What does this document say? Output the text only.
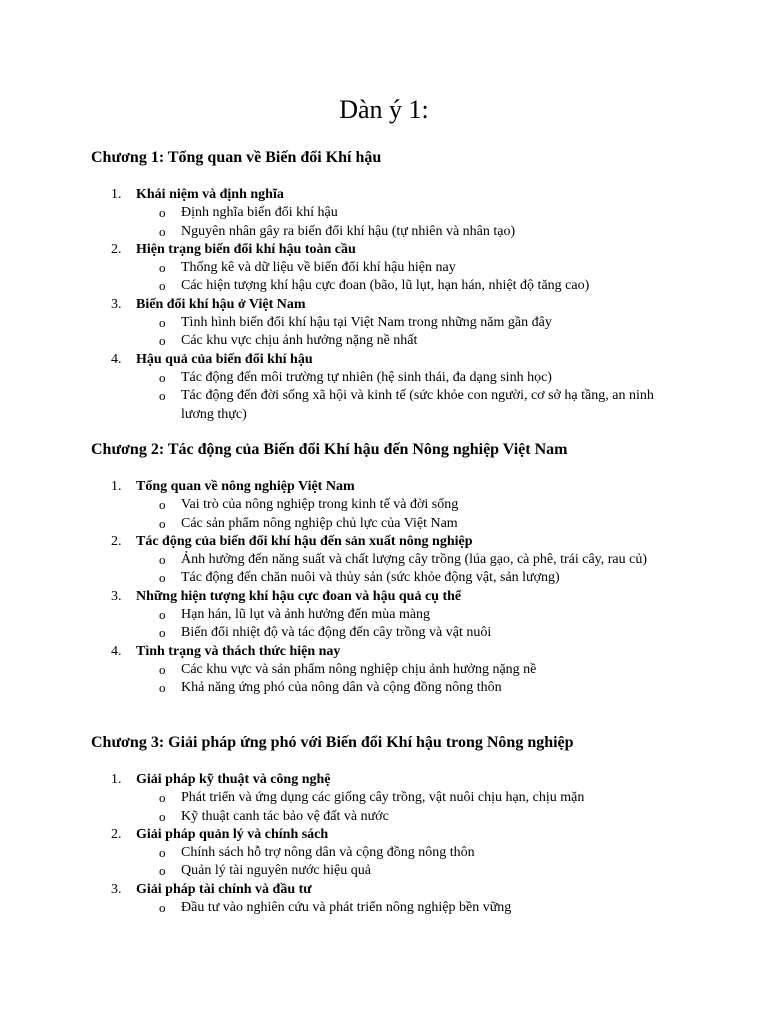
Dàn ý 1:
Chương 1: Tổng quan về Biến đổi Khí hậu
1.	Khái niệm và định nghĩa
o Định nghĩa biến đổi khí hậu
o Nguyên nhân gây ra biến đổi khí hậu (tự nhiên và nhân tạo)
2.	Hiện trạng biến đổi khí hậu toàn cầu
o Thống kê và dữ liệu về biến đổi khí hậu hiện nay
o Các hiện tượng khí hậu cực đoan (bão, lũ lụt, hạn hán, nhiệt độ tăng cao)
3.	Biến đổi khí hậu ở Việt Nam
o Tình hình biến đổi khí hậu tại Việt Nam trong những năm gần đây
o Các khu vực chịu ảnh hưởng nặng nề nhất
4.	Hậu quả của biến đổi khí hậu
o Tác động đến môi trường tự nhiên (hệ sinh thái, đa dạng sinh học)
o Tác động đến đời sống xã hội và kinh tế (sức khỏe con người, cơ sở hạ tầng, an ninh lương thực)
Chương 2: Tác động của Biến đổi Khí hậu đến Nông nghiệp Việt Nam
1.	Tổng quan về nông nghiệp Việt Nam
o Vai trò của nông nghiệp trong kinh tế và đời sống
o Các sản phẩm nông nghiệp chủ lực của Việt Nam
2.	Tác động của biến đổi khí hậu đến sản xuất nông nghiệp
o Ảnh hưởng đến năng suất và chất lượng cây trồng (lúa gạo, cà phê, trái cây, rau củ)
o Tác động đến chăn nuôi và thủy sản (sức khỏe động vật, sản lượng)
3.	Những hiện tượng khí hậu cực đoan và hậu quả cụ thể
o Hạn hán, lũ lụt và ảnh hưởng đến mùa màng
o Biến đổi nhiệt độ và tác động đến cây trồng và vật nuôi
4.	Tình trạng và thách thức hiện nay
o Các khu vực và sản phẩm nông nghiệp chịu ảnh hưởng nặng nề
o Khả năng ứng phó của nông dân và cộng đồng nông thôn
Chương 3: Giải pháp ứng phó với Biến đổi Khí hậu trong Nông nghiệp
1.	Giải pháp kỹ thuật và công nghệ
o Phát triển và ứng dụng các giống cây trồng, vật nuôi chịu hạn, chịu mặn
o Kỹ thuật canh tác bảo vệ đất và nước
2.	Giải pháp quản lý và chính sách
o Chính sách hỗ trợ nông dân và cộng đồng nông thôn
o Quản lý tài nguyên nước hiệu quả
3.	Giải pháp tài chính và đầu tư
o Đầu tư vào nghiên cứu và phát triển nông nghiệp bền vững
